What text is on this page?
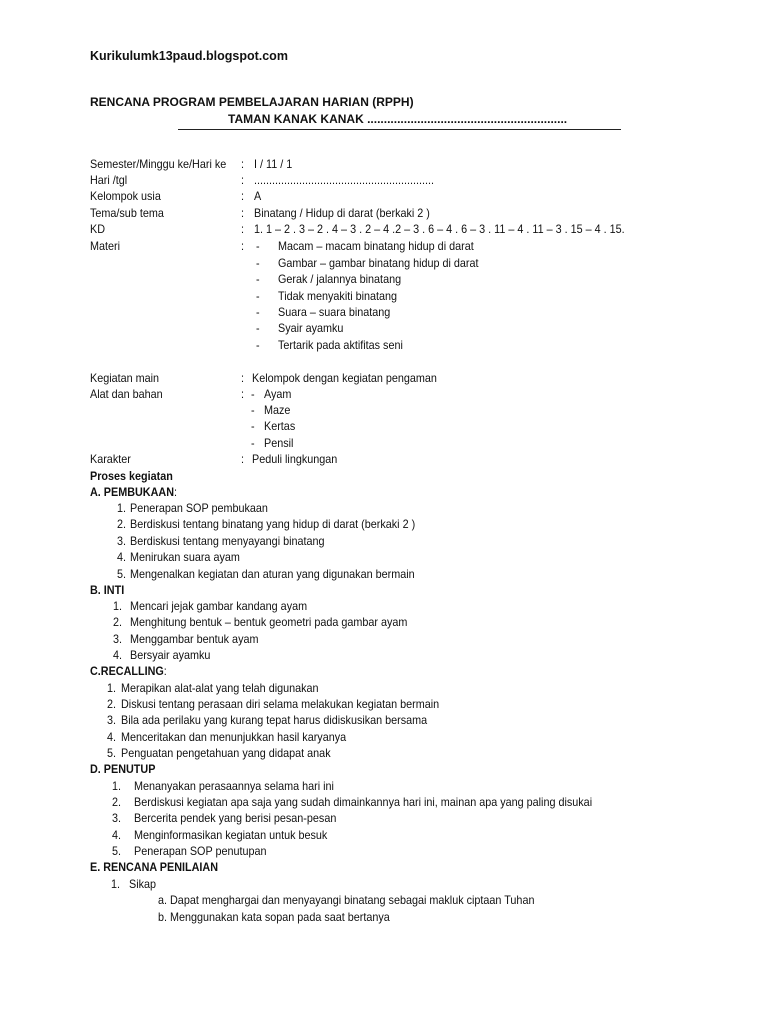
Kurikulumk13paud.blogspot.com
RENCANA PROGRAM PEMBELAJARAN HARIAN (RPPH)
TAMAN KANAK KANAK ............................................................
Semester/Minggu ke/Hari ke : I / 11 / 1
Hari /tgl	: ............................................................
Kelompok usia	: A
Tema/sub tema	: Binatang / Hidup di darat (berkaki 2 )
KD	: 1. 1 – 2 . 3 – 2 . 4 – 3 . 2 – 4 .2 – 3 . 6 – 4 . 6 – 3 . 11 – 4 . 11 – 3 . 15 – 4 . 15.
Materi	: - Macam – macam binatang hidup di darat
- Gambar – gambar binatang hidup di darat
- Gerak / jalannya binatang
- Tidak menyakiti binatang
- Suara – suara binatang
- Syair ayamku
- Tertarik pada aktifitas seni
Kegiatan main	: Kelompok dengan kegiatan pengaman
Alat dan bahan	: - Ayam
- Maze
- Kertas
- Pensil
Karakter	: Peduli lingkungan
Proses kegiatan
A. PEMBUKAAN:
1. Penerapan SOP pembukaan
2. Berdiskusi tentang binatang yang hidup di darat (berkaki 2 )
3. Berdiskusi tentang menyayangi binatang
4. Menirukan suara ayam
5. Mengenalkan kegiatan dan aturan yang digunakan bermain
B. INTI
1. Mencari jejak gambar kandang ayam
2. Menghitung bentuk – bentuk geometri pada gambar ayam
3. Menggambar bentuk ayam
4. Bersyair ayamku
C.RECALLING:
1. Merapikan alat-alat yang telah digunakan
2. Diskusi tentang perasaan diri selama melakukan kegiatan bermain
3. Bila ada perilaku yang kurang tepat harus didiskusikan bersama
4. Menceritakan dan menunjukkan hasil karyanya
5. Penguatan pengetahuan yang didapat anak
D. PENUTUP
1. Menanyakan perasaannya selama hari ini
2. Berdiskusi kegiatan apa saja yang sudah dimainkannya hari ini, mainan apa yang paling disukai
3. Bercerita pendek yang berisi pesan-pesan
4. Menginformasikan kegiatan untuk besuk
5. Penerapan SOP penutupan
E. RENCANA PENILAIAN
1. Sikap
a. Dapat menghargai dan menyayangi binatang sebagai makluk ciptaan Tuhan
b. Menggunakan kata sopan pada saat bertanya
